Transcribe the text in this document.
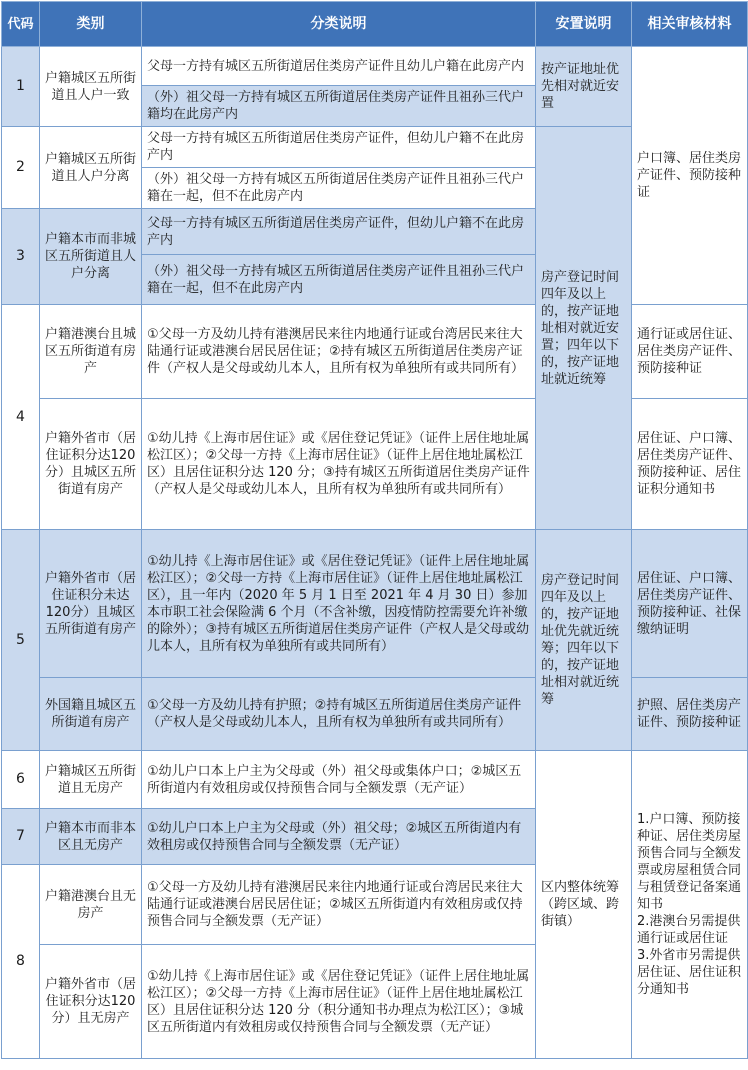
代码	类别	分类说明	安置说明	相关审核材料
1	户籍城区五所街道且人户一致	父母一方持有城区五所街道居住类房产证件且幼儿户籍在此房产内	按产证地址优先相对就近安置	户口簿、居住类房产证件、预防接种证
		（外）祖父母一方持有城区五所街道居住类房产证件且祖孙三代户籍均在此房产内		
2	户籍城区五所街道且人户分离	父母一方持有城区五所街道居住类房产证件，但幼儿户籍不在此房产内	房产登记时间四年及以上的，按产证地址相对就近安置；四年以下的，按产证地址就近统筹	
		（外）祖父母一方持有城区五所街道居住类房产证件且祖孙三代户籍在一起，但不在此房产内		
3	户籍本市而非城区五所街道且人户分离	父母一方持有城区五所街道居住类房产证件，但幼儿户籍不在此房产内		
		（外）祖父母一方持有城区五所街道居住类房产证件且祖孙三代户籍在一起，但不在此房产内		
4	户籍港澳台且城区五所街道有房产	①父母一方及幼儿持有港澳居民来往内地通行证或台湾居民来往大陆通行证或港澳台居民居住证；②持有城区五所街道居住类房产证件（产权人是父母或幼儿本人，且所有权为单独所有或共同所有）		通行证或居住证、居住类房产证件、预防接种证
	户籍外省市（居住证积分达120分）且城区五所街道有房产	①幼儿持《上海市居住证》或《居住登记凭证》（证件上居住地址属松江区）；②父母一方持《上海市居住证》（证件上居住地址属松江区）且居住证积分达 120 分；③持有城区五所街道居住类房产证件（产权人是父母或幼儿本人，且所有权为单独所有或共同所有）		居住证、户口簿、居住类房产证件、预防接种证、居住证积分通知书
5	户籍外省市（居住证积分未达120分）且城区五所街道有房产	①幼儿持《上海市居住证》或《居住登记凭证》（证件上居住地址属松江区）；②父母一方持《上海市居住证》（证件上居住地址属松江区），且一年内（2020 年 5 月 1 日至 2021 年 4 月 30 日）参加本市职工社会保险满 6 个月（不含补缴，因疫情防控需要允许补缴的除外）；③持有城区五所街道居住类房产证件（产权人是父母或幼儿本人，且所有权为单独所有或共同所有）	房产登记时间四年及以上的，按产证地址优先就近统筹；四年以下的，按产证地址相对就近统筹	居住证、户口簿、居住类房产证件、预防接种证、社保缴纳证明
	外国籍且城区五所街道有房产	①父母一方及幼儿持有护照；②持有城区五所街道居住类房产证件（产权人是父母或幼儿本人，且所有权为单独所有或共同所有）		护照、居住类房产证件、预防接种证
6	户籍城区五所街道且无房产	①幼儿户口本上户主为父母或（外）祖父母或集体户口；②城区五所街道内有效租房或仅持预售合同与全额发票（无产证）	区内整体统筹（跨区域、跨街镇）	1.户口簿、预防接种证、居住类房屋预售合同与全额发票或房屋租赁合同与租赁登记备案通知书
2.港澳台另需提供通行证或居住证
3.外省市另需提供居住证、居住证积分通知书
7	户籍本市而非本区且无房产	①幼儿户口本上户主为父母或（外）祖父母；②城区五所街道内有效租房或仅持预售合同与全额发票（无产证）		
8	户籍港澳台且无房产	①父母一方及幼儿持有港澳居民来往内地通行证或台湾居民来往大陆通行证或港澳台居民居住证；②城区五所街道内有效租房或仅持预售合同与全额发票（无产证）		
	户籍外省市（居住证积分达120分）且无房产	①幼儿持《上海市居住证》或《居住登记凭证》（证件上居住地址属松江区）；②父母一方持《上海市居住证》（证件上居住地址属松江区）且居住证积分达 120 分（积分通知书办理点为松江区）；③城区五所街道内有效租房或仅持预售合同与全额发票（无产证）		
